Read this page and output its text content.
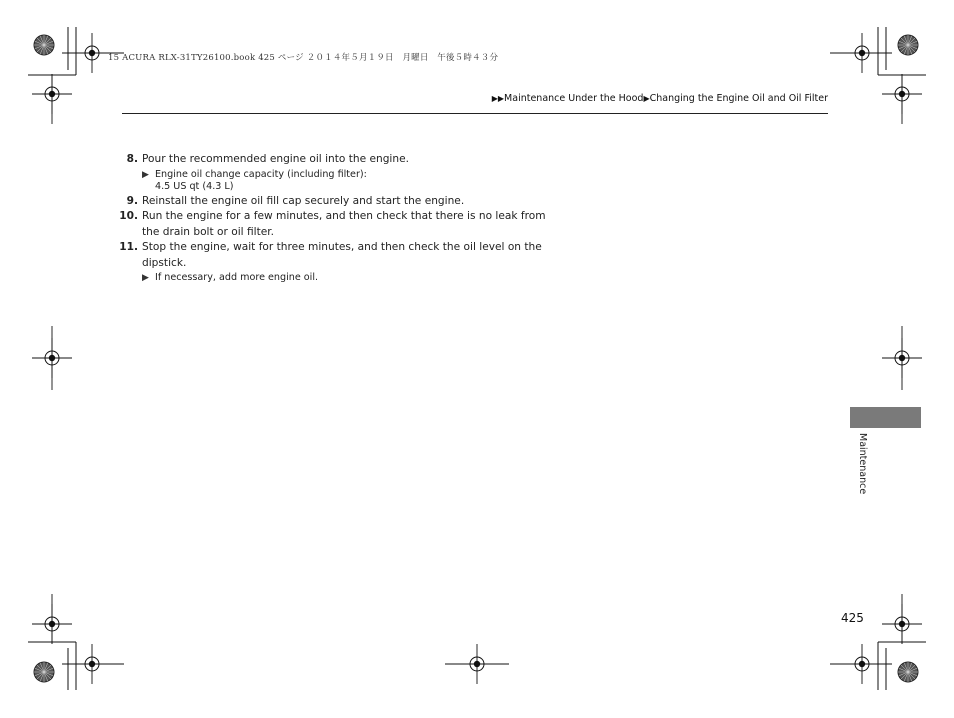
15 ACURA RLX-31TY26100.book 425 ページ ２０１４年５月１９日　月曜日　午後５時４３分
▶▶Maintenance Under the Hood▶Changing the Engine Oil and Oil Filter
8. Pour the recommended engine oil into the engine.
▶ Engine oil change capacity (including filter):
4.5 US qt (4.3 L)
9. Reinstall the engine oil fill cap securely and start the engine.
10. Run the engine for a few minutes, and then check that there is no leak from the drain bolt or oil filter.
11. Stop the engine, wait for three minutes, and then check the oil level on the dipstick.
▶ If necessary, add more engine oil.
Maintenance
425
